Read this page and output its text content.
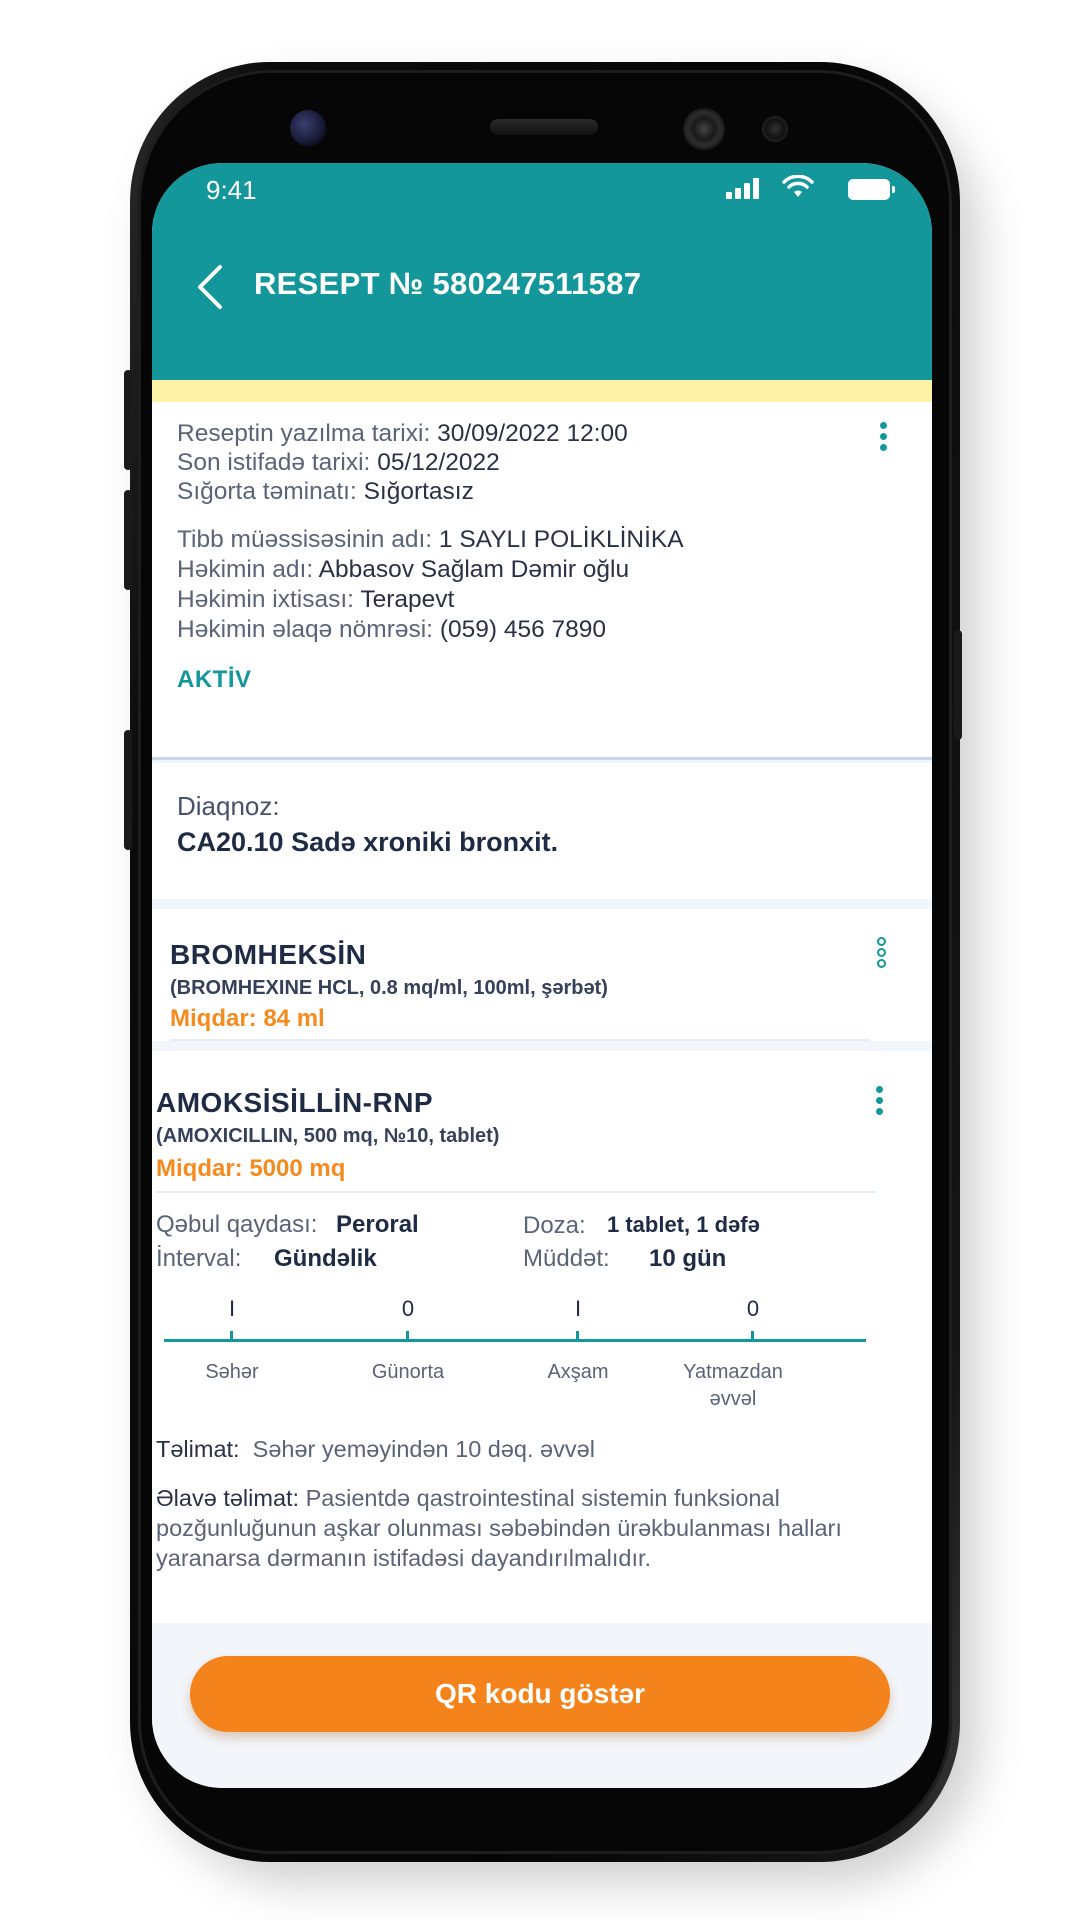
9:41
RESEPT № 580247511587
Reseptin yazılma tarixi: 30/09/2022 12:00
Son istifadə tarixi: 05/12/2022
Sığorta təminatı: Sığortasız
Tibb müəssisəsinin adı: 1 SAYLI POLİKLİNİKA
Həkimin adı: Abbasov Sağlam Dəmir oğlu
Həkimin ixtisası: Terapevt
Həkimin əlaqə nömrəsi: (059) 456 7890
AKTİV
Diaqnoz:
CA20.10 Sadə xroniki bronxit.
BROMHEKSİN
(BROMHEXINE HCL, 0.8 mq/ml, 100ml, şərbət)
Miqdar: 84 ml
AMOKSİSİLLİN-RNP
(AMOXICILLIN, 500 mq, №10, tablet)
Miqdar: 5000 mq
Qəbul qaydası: Peroral	Doza: 1 tablet, 1 dəfə
İnterval: Gündəlik	Müddət: 10 gün
I	0	I	0
Səhər	Günorta	Axşam	Yatmazdan əvvəl
Təlimat: Səhər yeməyindən 10 dəq. əvvəl
Əlavə təlimat: Pasientdə qastrointestinal sistemin funksional pozğunluğunun aşkar olunması səbəbindən ürəkbulanması halları yaranarsa dərmanın istifadəsi dayandırılmalıdır.
QR kodu göstər
